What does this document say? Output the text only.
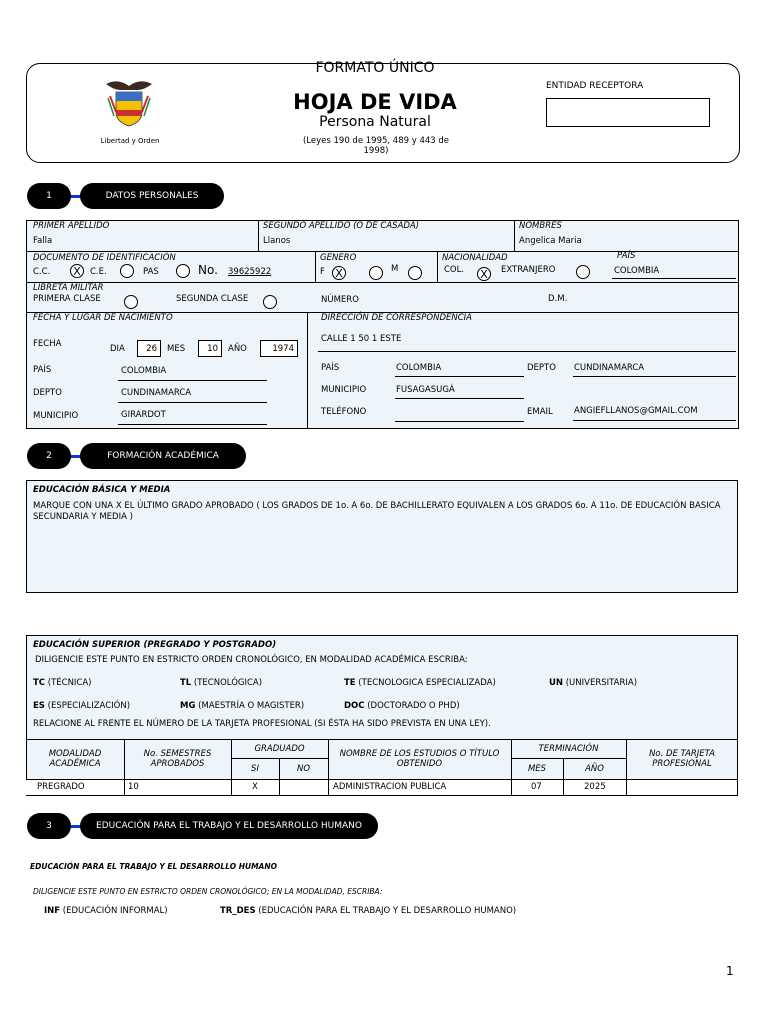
Libertad y Orden
FORMATO ÚNICO
HOJA DE VIDA
Persona Natural
(Leyes 190 de 1995, 489 y 443 de 1998)
ENTIDAD RECEPTORA
1	DATOS PERSONALES
PRIMER APELLIDO
Falla
SEGUNDO APELLIDO (O DE CASADA)
Llanos
NOMBRES
Angelica Maria
DOCUMENTO DE IDENTIFICACIÓN
C.C. X	C.E.	PAS	No. 39625922
GENERO
F X	M
NACIONALIDAD
COL. X	EXTRANJERO
PAÍS
COLOMBIA
LIBRETA MILITAR
PRIMERA CLASE	SEGUNDA CLASE	NÚMERO	D.M.
FECHA Y LUGAR DE NACIMIENTO
FECHA	DIA	26	MES	10	AÑO	1974
PAÍS	COLOMBIA
DEPTO	CUNDINAMARCA
MUNICIPIO	GIRARDOT
DIRECCIÓN DE CORRESPONDENCIA
CALLE 1 50 1 ESTE
PAÍS	COLOMBIA	DEPTO CUNDINAMARCA
MUNICIPIO	FUSAGASUGÁ
TELÉFONO	EMAIL ANGIEFLLANOS@GMAIL.COM
2	FORMACIÓN ACADÉMICA
EDUCACIÓN BÁSICA Y MEDIA
MARQUE CON UNA X EL ÚLTIMO GRADO APROBADO ( LOS GRADOS DE 1o. A 6o. DE BACHILLERATO EQUIVALEN A LOS GRADOS 6o. A 11o. DE EDUCACIÓN BASICA SECUNDARIA Y MEDIA )
EDUCACIÓN SUPERIOR (PREGRADO Y POSTGRADO)
DILIGENCIE ESTE PUNTO EN ESTRICTO ORDEN CRONOLÓGICO, EN MODALIDAD ACADÉMICA ESCRIBA:
TC (TÉCNICA)	TL (TECNOLÓGICA)	TE (TECNOLOGICA ESPECIALIZADA)	UN (UNIVERSITARIA)
ES (ESPECIALIZACIÓN)	MG (MAESTRÍA O MAGISTER)	DOC (DOCTORADO O PHD)
RELACIONE AL FRENTE EL NÚMERO DE LA TARJETA PROFESIONAL (SI ÉSTA HA SIDO PREVISTA EN UNA LEY).
MODALIDAD ACADÉMICA
No. SEMESTRES APROBADOS
GRADUADO
SI	NO
NOMBRE DE LOS ESTUDIOS O TÍTULO OBTENIDO
TERMINACIÓN
MES	AÑO
No. DE TARJETA PROFESIONAL
PREGRADO	10	X	ADMINISTRACION PUBLICA	07	2025
3	EDUCACIÓN PARA EL TRABAJO Y EL DESARROLLO HUMANO
EDUCACIÓN PARA EL TRABAJO Y EL DESARROLLO HUMANO
DILIGENCIE ESTE PUNTO EN ESTRICTO ORDEN CRONOLÓGICO; EN LA MODALIDAD, ESCRIBA:
INF (EDUCACIÓN INFORMAL)	TR_DES (EDUCACIÓN PARA EL TRABAJO Y EL DESARROLLO HUMANO)
1
